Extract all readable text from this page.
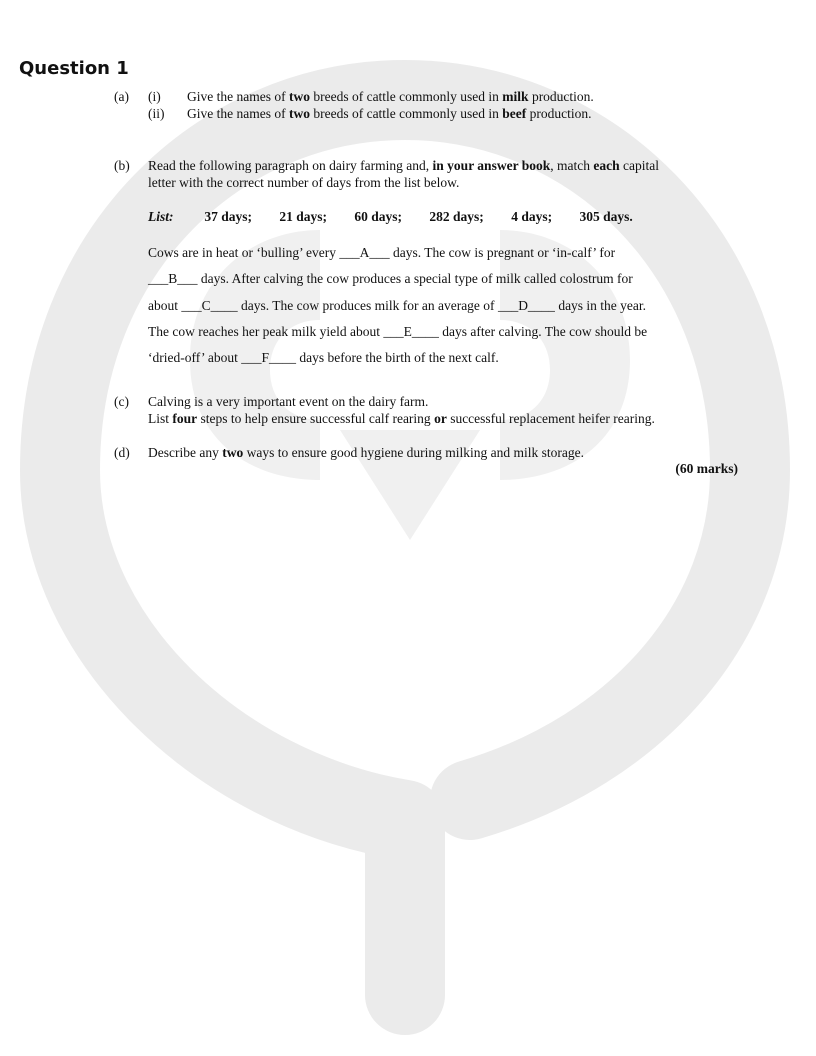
Question 1
(a) (i) Give the names of two breeds of cattle commonly used in milk production.
(ii) Give the names of two breeds of cattle commonly used in beef production.
(b) Read the following paragraph on dairy farming and, in your answer book, match each capital
letter with the correct number of days from the list below.
List: 37 days; 21 days; 60 days; 282 days; 4 days; 305 days.
Cows are in heat or ‘bulling’ every ___A___ days. The cow is pregnant or ‘in-calf’ for
___B___ days. After calving the cow produces a special type of milk called colostrum for
about ___C____ days. The cow produces milk for an average of ___D____ days in the year.
The cow reaches her peak milk yield about ___E____ days after calving. The cow should be
‘dried-off’ about ___F____ days before the birth of the next calf.
(c) Calving is a very important event on the dairy farm.
List four steps to help ensure successful calf rearing or successful replacement heifer rearing.
(d) Describe any two ways to ensure good hygiene during milking and milk storage.
(60 marks)
